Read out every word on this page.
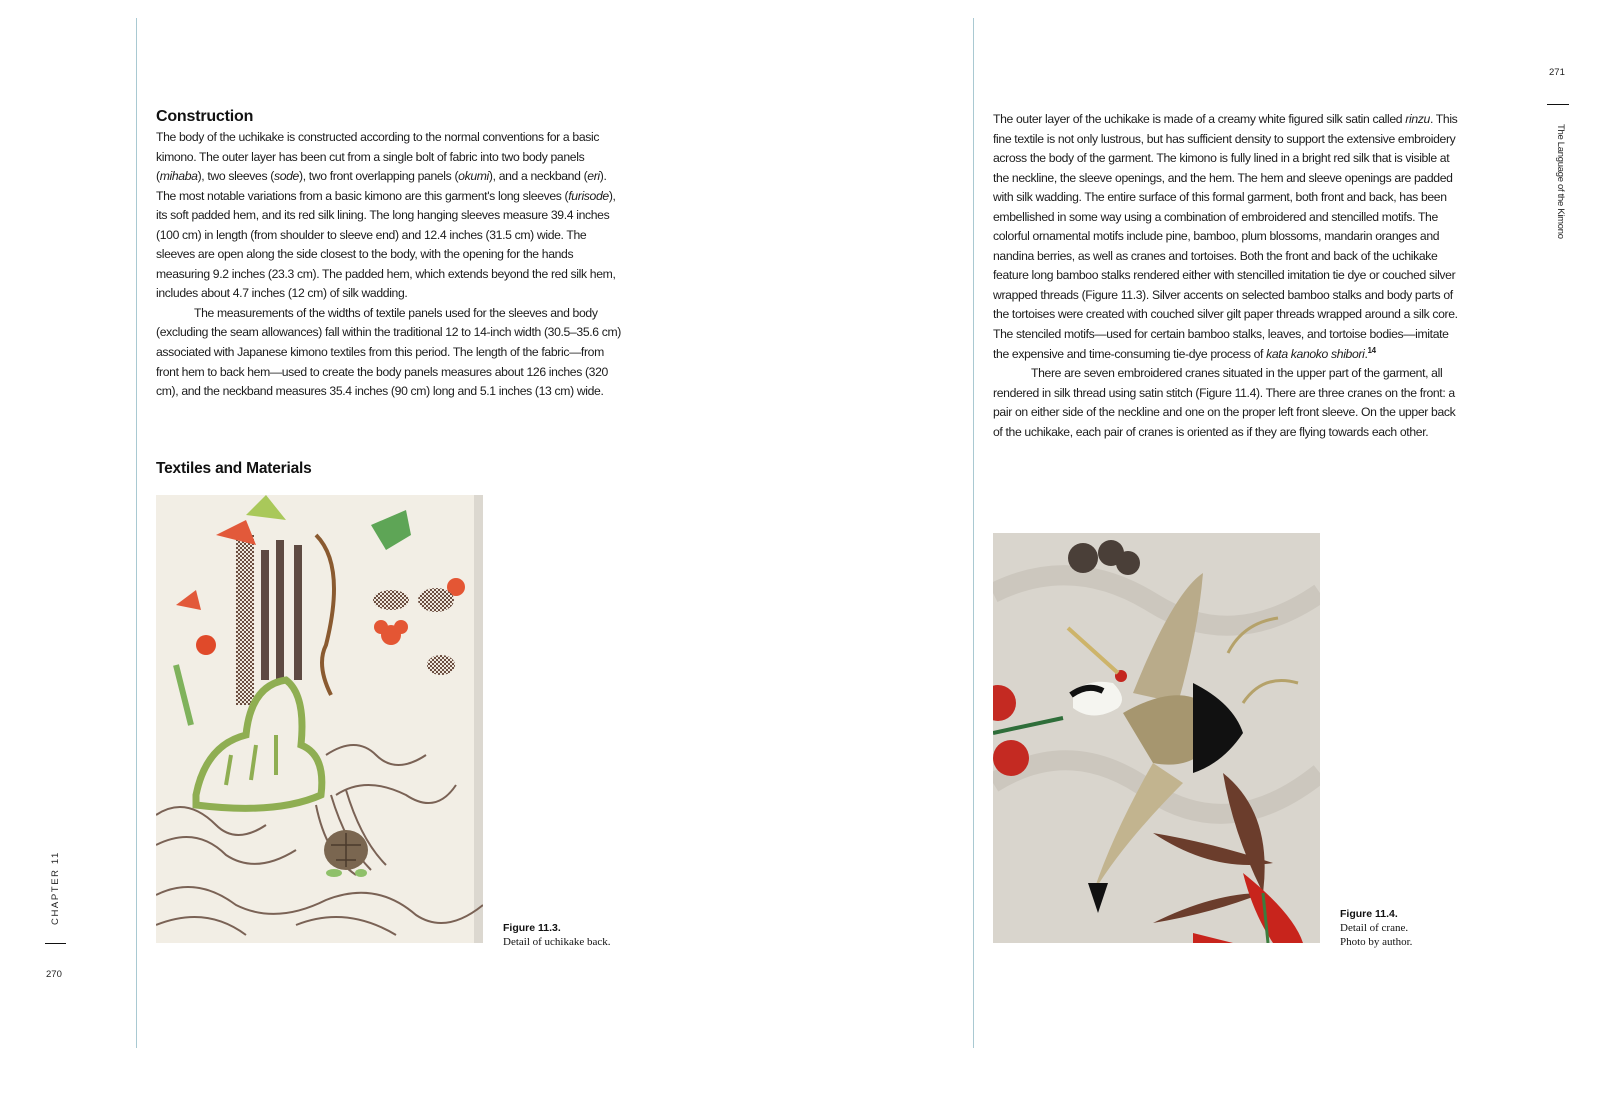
Construction

The body of the uchikake is constructed according to the normal conventions for a basic kimono. The outer layer has been cut from a single bolt of fabric into two body panels (mihaba), two sleeves (sode), two front overlapping panels (okumi), and a neckband (eri). The most notable variations from a basic kimono are this garment's long sleeves (furisode), its soft padded hem, and its red silk lining. The long hanging sleeves measure 39.4 inches (100 cm) in length (from shoulder to sleeve end) and 12.4 inches (31.5 cm) wide. The sleeves are open along the side closest to the body, with the opening for the hands measuring 9.2 inches (23.3 cm). The padded hem, which extends beyond the red silk hem, includes about 4.7 inches (12 cm) of silk wadding.

The measurements of the widths of textile panels used for the sleeves and body (excluding the seam allowances) fall within the traditional 12 to 14-inch width (30.5–35.6 cm) associated with Japanese kimono textiles from this period. The length of the fabric—from front hem to back hem—used to create the body panels measures about 126 inches (320 cm), and the neckband measures 35.4 inches (90 cm) long and 5.1 inches (13 cm) wide.

Textiles and Materials
Figure 11.3.
Detail of uchikake back.
CHAPTER 11
270

The outer layer of the uchikake is made of a creamy white figured silk satin called rinzu. This fine textile is not only lustrous, but has sufficient density to support the extensive embroidery across the body of the garment. The kimono is fully lined in a bright red silk that is visible at the neckline, the sleeve openings, and the hem. The hem and sleeve openings are padded with silk wadding. The entire surface of this formal garment, both front and back, has been embellished in some way using a combination of embroidered and stencilled motifs. The colorful ornamental motifs include pine, bamboo, plum blossoms, mandarin oranges and nandina berries, as well as cranes and tortoises. Both the front and back of the uchikake feature long bamboo stalks rendered either with stencilled imitation tie dye or couched silver wrapped threads (Figure 11.3). Silver accents on selected bamboo stalks and body parts of the tortoises were created with couched silver gilt paper threads wrapped around a silk core. The stenciled motifs—used for certain bamboo stalks, leaves, and tortoise bodies—imitate the expensive and time-consuming tie-dye process of kata kanoko shibori.$^{14}$

There are seven embroidered cranes situated in the upper part of the garment, all rendered in silk thread using satin stitch (Figure 11.4). There are three cranes on the front: a pair on either side of the neckline and one on the proper left front sleeve. On the upper back of the uchikake, each pair of cranes is oriented as if they are flying towards each other.

Figure 11.4.
Detail of crane.
Photo by author.
271
The Language of the Kimono
